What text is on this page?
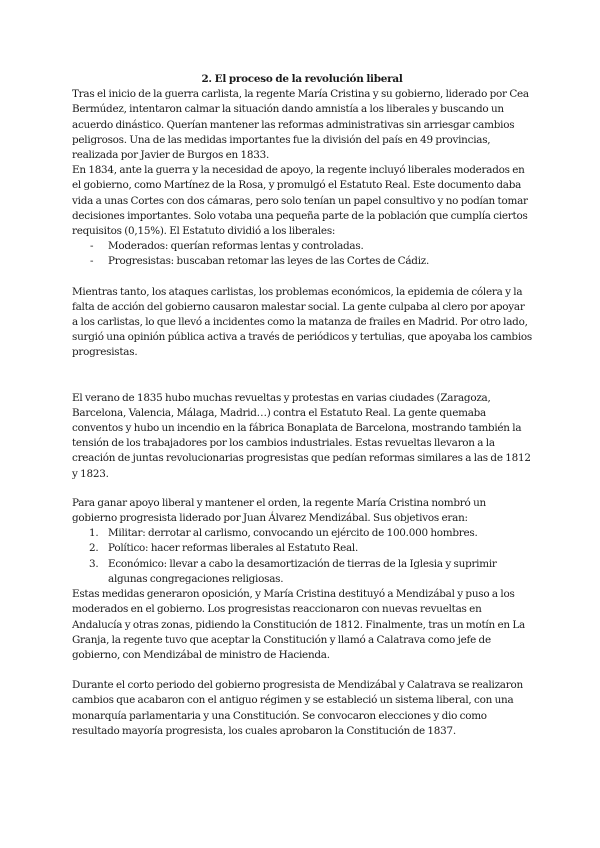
2. El proceso de la revolución liberal

Tras el inicio de la guerra carlista, la regente María Cristina y su gobierno, liderado por Cea Bermúdez, intentaron calmar la situación dando amnistía a los liberales y buscando un acuerdo dinástico. Querían mantener las reformas administrativas sin arriesgar cambios peligrosos. Una de las medidas importantes fue la división del país en 49 provincias, realizada por Javier de Burgos en 1833.

En 1834, ante la guerra y la necesidad de apoyo, la regente incluyó liberales moderados en el gobierno, como Martínez de la Rosa, y promulgó el Estatuto Real. Este documento daba vida a unas Cortes con dos cámaras, pero solo tenían un papel consultivo y no podían tomar decisiones importantes. Solo votaba una pequeña parte de la población que cumplía ciertos requisitos (0,15%). El Estatuto dividió a los liberales:

- Moderados: querían reformas lentas y controladas.
- Progresistas: buscaban retomar las leyes de las Cortes de Cádiz.

Mientras tanto, los ataques carlistas, los problemas económicos, la epidemia de cólera y la falta de acción del gobierno causaron malestar social. La gente culpaba al clero por apoyar a los carlistas, lo que llevó a incidentes como la matanza de frailes en Madrid. Por otro lado, surgió una opinión pública activa a través de periódicos y tertulias, que apoyaba los cambios progresistas.

El verano de 1835 hubo muchas revueltas y protestas en varias ciudades (Zaragoza, Barcelona, Valencia, Málaga, Madrid…) contra el Estatuto Real. La gente quemaba conventos y hubo un incendio en la fábrica Bonaplata de Barcelona, mostrando también la tensión de los trabajadores por los cambios industriales. Estas revueltas llevaron a la creación de juntas revolucionarias progresistas que pedían reformas similares a las de 1812 y 1823.

Para ganar apoyo liberal y mantener el orden, la regente María Cristina nombró un gobierno progresista liderado por Juan Álvarez Mendizábal. Sus objetivos eran:

1. Militar: derrotar al carlismo, convocando un ejército de 100.000 hombres.
2. Político: hacer reformas liberales al Estatuto Real.
3. Económico: llevar a cabo la desamortización de tierras de la Iglesia y suprimir algunas congregaciones religiosas.

Estas medidas generaron oposición, y María Cristina destituyó a Mendizábal y puso a los moderados en el gobierno. Los progresistas reaccionaron con nuevas revueltas en Andalucía y otras zonas, pidiendo la Constitución de 1812. Finalmente, tras un motín en La Granja, la regente tuvo que aceptar la Constitución y llamó a Calatrava como jefe de gobierno, con Mendizábal de ministro de Hacienda.

Durante el corto periodo del gobierno progresista de Mendizábal y Calatrava se realizaron cambios que acabaron con el antiguo régimen y se estableció un sistema liberal, con una monarquía parlamentaria y una Constitución. Se convocaron elecciones y dio como resultado mayoría progresista, los cuales aprobaron la Constitución de 1837.
